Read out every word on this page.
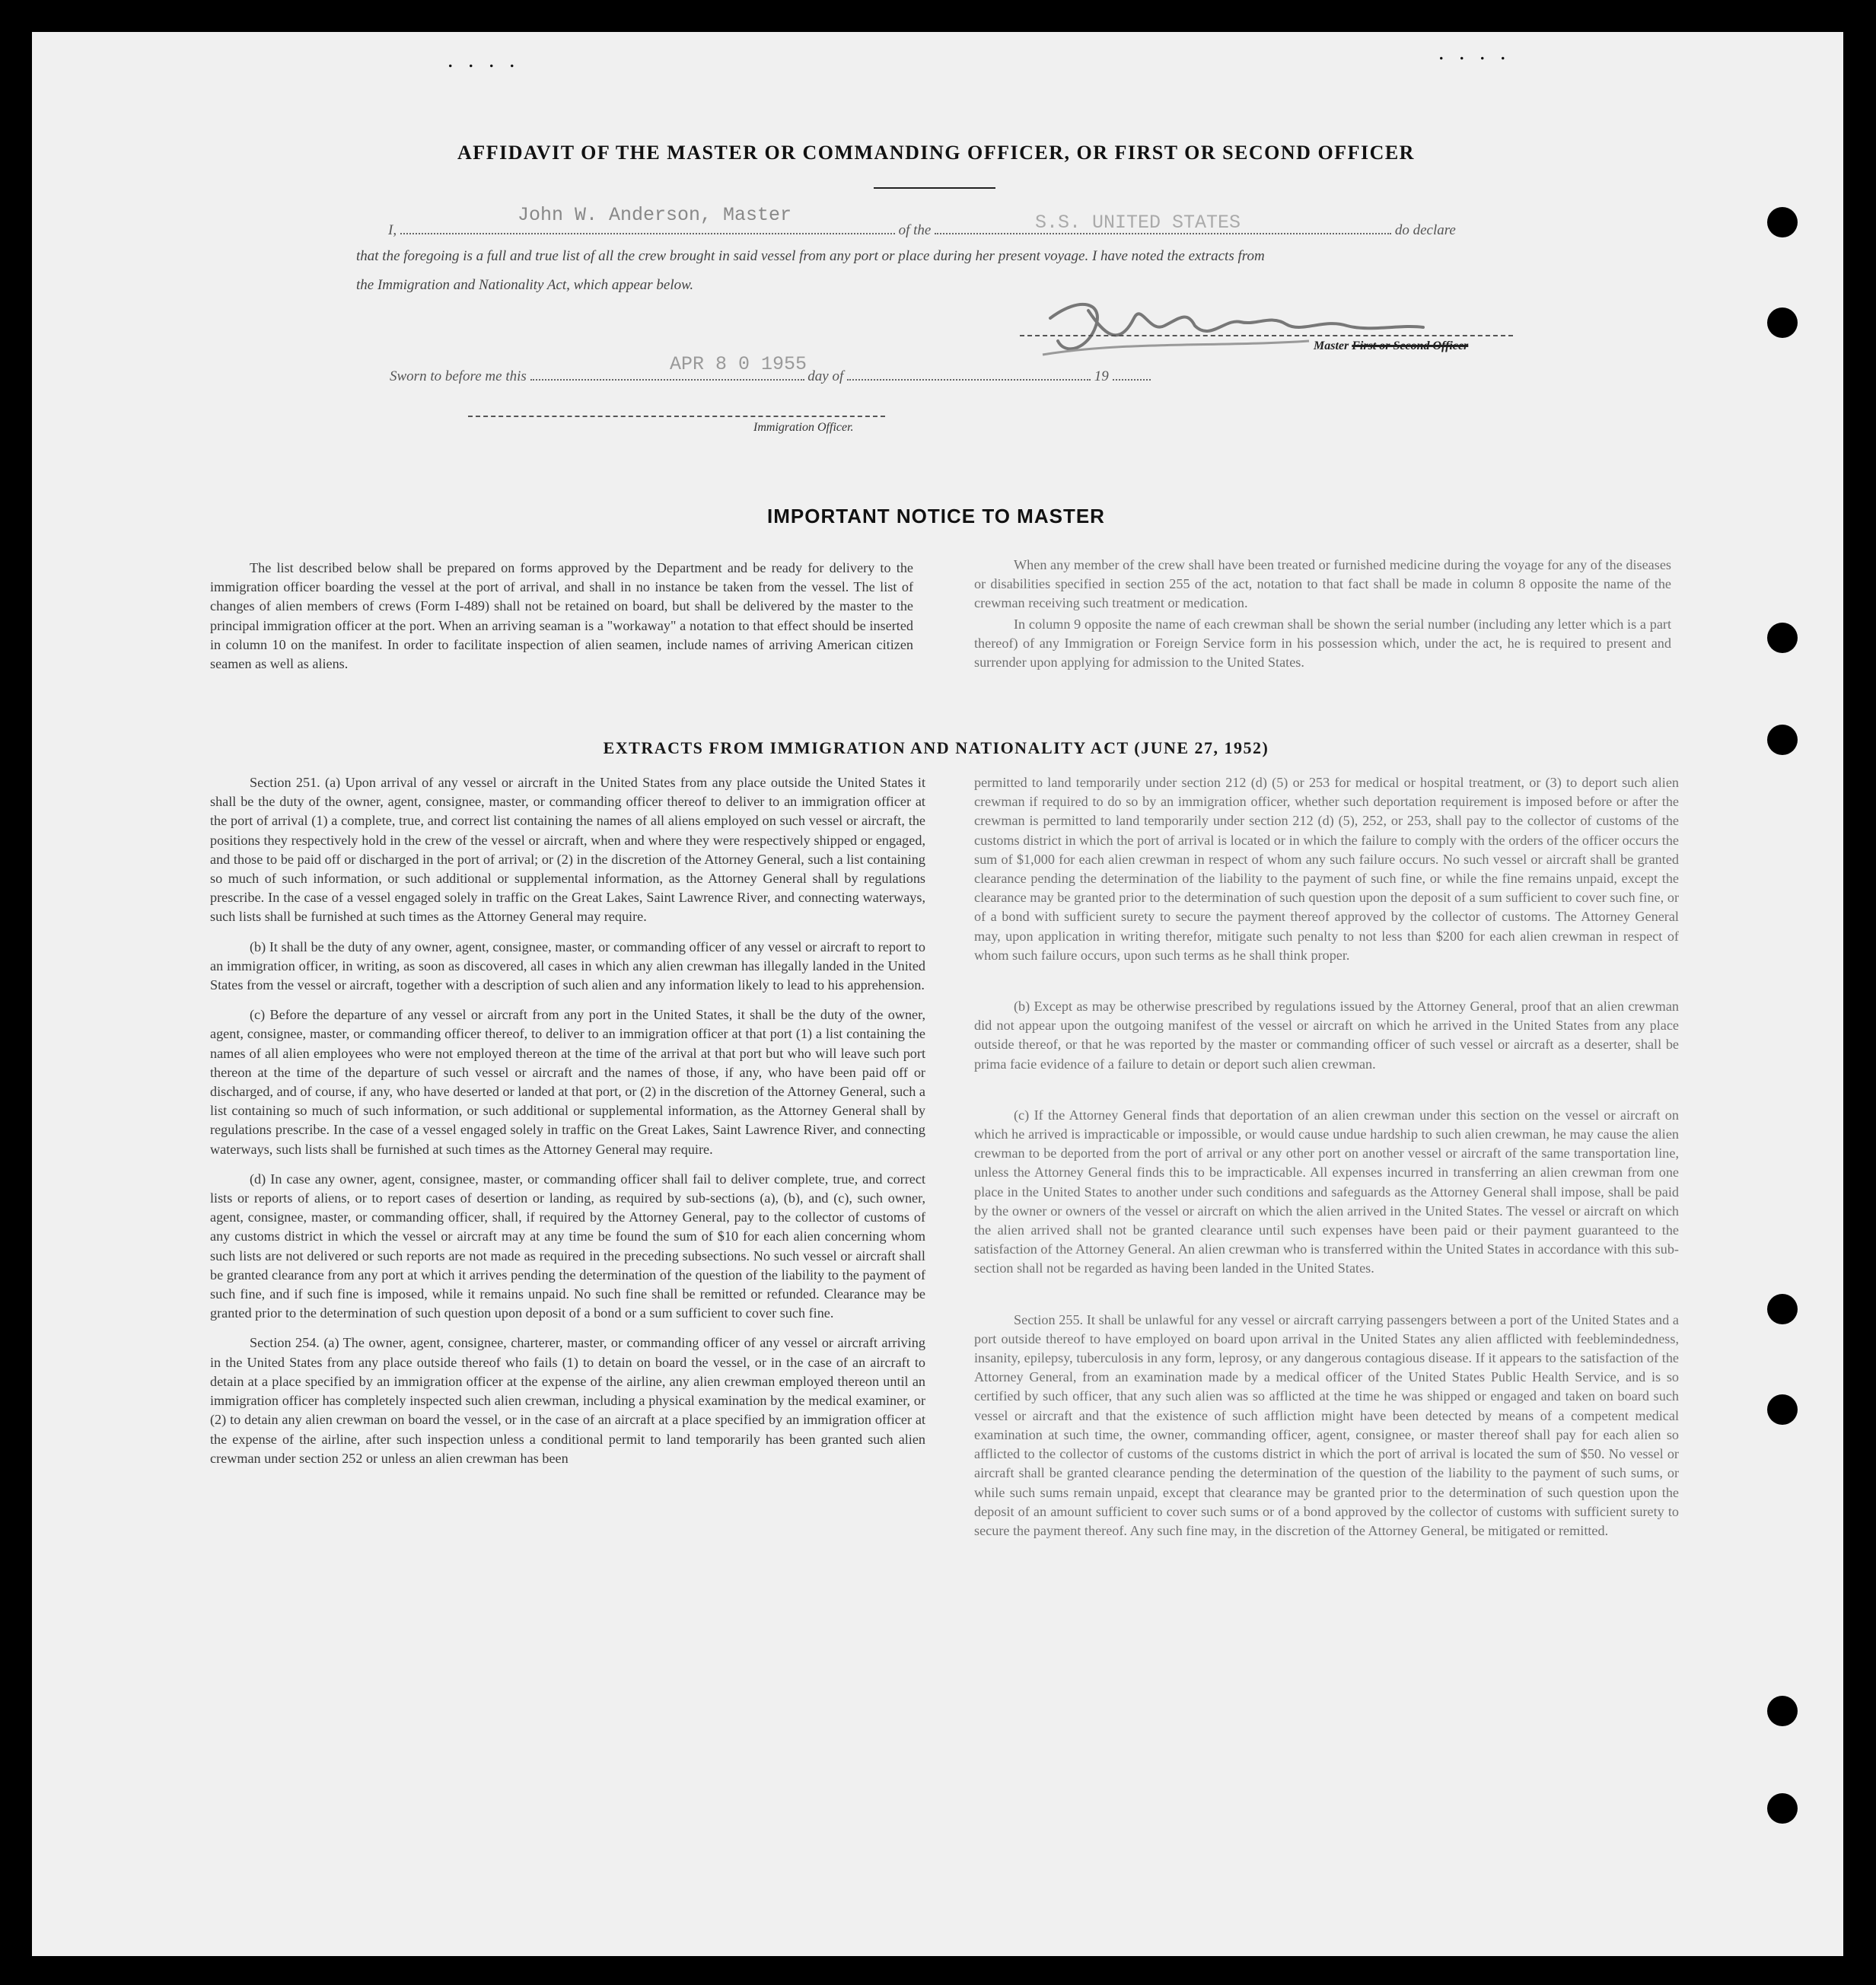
. . . .	. . . .
AFFIDAVIT OF THE MASTER OR COMMANDING OFFICER, OR FIRST OR SECOND OFFICER
I,	of the	do declare
John W. Anderson, Master	S.S. UNITED STATES
that the foregoing is a full and true list of all the crew brought in said vessel from any port or place during her present voyage. I have noted the extracts from
the Immigration and Nationality Act, which appear below.
Master First or Second Officer
Sworn to before me this	day of	19
APR 8 0 1955
Immigration Officer.
IMPORTANT NOTICE TO MASTER

The list described below shall be prepared on forms approved by the Department and be ready for delivery to the immigration officer boarding the vessel at the port of arrival, and shall in no instance be taken from the vessel. The list of changes of alien members of crews (Form I-489) shall not be retained on board, but shall be delivered by the master to the principal immigration officer at the port. When an arriving seaman is a "workaway" a notation to that effect should be inserted in column 10 on the manifest. In order to facilitate inspection of alien seamen, include names of arriving American citizen seamen as well as aliens.

When any member of the crew shall have been treated or furnished medicine during the voyage for any of the diseases or disabilities specified in section 255 of the act, notation to that fact shall be made in column 8 opposite the name of the crewman receiving such treatment or medication.

In column 9 opposite the name of each crewman shall be shown the serial number (including any letter which is a part thereof) of any Immigration or Foreign Service form in his possession which, under the act, he is required to present and surrender upon applying for admission to the United States.

EXTRACTS FROM IMMIGRATION AND NATIONALITY ACT (JUNE 27, 1952)

Section 251. (a) Upon arrival of any vessel or aircraft in the United States from any place outside the United States it shall be the duty of the owner, agent, consignee, master, or commanding officer thereof to deliver to an immigration officer at the port of arrival (1) a complete, true, and correct list containing the names of all aliens employed on such vessel or aircraft, the positions they respectively hold in the crew of the vessel or aircraft, when and where they were respectively shipped or engaged, and those to be paid off or discharged in the port of arrival; or (2) in the discretion of the Attorney General, such a list containing so much of such information, or such additional or supplemental information, as the Attorney General shall by regulations prescribe. In the case of a vessel engaged solely in traffic on the Great Lakes, Saint Lawrence River, and connecting waterways, such lists shall be furnished at such times as the Attorney General may require.

(b) It shall be the duty of any owner, agent, consignee, master, or commanding officer of any vessel or aircraft to report to an immigration officer, in writing, as soon as discovered, all cases in which any alien crewman has illegally landed in the United States from the vessel or aircraft, together with a description of such alien and any information likely to lead to his apprehension.

(c) Before the departure of any vessel or aircraft from any port in the United States, it shall be the duty of the owner, agent, consignee, master, or commanding officer thereof, to deliver to an immigration officer at that port (1) a list containing the names of all alien employees who were not employed thereon at the time of the arrival at that port but who will leave such port thereon at the time of the departure of such vessel or aircraft and the names of those, if any, who have been paid off or discharged, and of course, if any, who have deserted or landed at that port, or (2) in the discretion of the Attorney General, such a list containing so much of such information, or such additional or supplemental information, as the Attorney General shall by regulations prescribe. In the case of a vessel engaged solely in traffic on the Great Lakes, Saint Lawrence River, and connecting waterways, such lists shall be furnished at such times as the Attorney General may require.

(d) In case any owner, agent, consignee, master, or commanding officer shall fail to deliver complete, true, and correct lists or reports of aliens, or to report cases of desertion or landing, as required by sub-sections (a), (b), and (c), such owner, agent, consignee, master, or commanding officer, shall, if required by the Attorney General, pay to the collector of customs of any customs district in which the vessel or aircraft may at any time be found the sum of $10 for each alien concerning whom such lists are not delivered or such reports are not made as required in the preceding subsections. No such vessel or aircraft shall be granted clearance from any port at which it arrives pending the determination of the question of the liability to the payment of such fine, and if such fine is imposed, while it remains unpaid. No such fine shall be remitted or refunded. Clearance may be granted prior to the determination of such question upon deposit of a bond or a sum sufficient to cover such fine.

Section 254. (a) The owner, agent, consignee, charterer, master, or commanding officer of any vessel or aircraft arriving in the United States from any place outside thereof who fails (1) to detain on board the vessel, or in the case of an aircraft to detain at a place specified by an immigration officer at the expense of the airline, any alien crewman employed thereon until an immigration officer has completely inspected such alien crewman, including a physical examination by the medical examiner, or (2) to detain any alien crewman on board the vessel, or in the case of an aircraft at a place specified by an immigration officer at the expense of the airline, after such inspection unless a conditional permit to land temporarily has been granted such alien crewman under section 252 or unless an alien crewman has been

permitted to land temporarily under section 212 (d) (5) or 253 for medical or hospital treatment, or (3) to deport such alien crewman if required to do so by an immigration officer, whether such deportation requirement is imposed before or after the crewman is permitted to land temporarily under section 212 (d) (5), 252, or 253, shall pay to the collector of customs of the customs district in which the port of arrival is located or in which the failure to comply with the orders of the officer occurs the sum of $1,000 for each alien crewman in respect of whom any such failure occurs. No such vessel or aircraft shall be granted clearance pending the determination of the liability to the payment of such fine, or while the fine remains unpaid, except the clearance may be granted prior to the determination of such question upon the deposit of a sum sufficient to cover such fine, or of a bond with sufficient surety to secure the payment thereof approved by the collector of customs. The Attorney General may, upon application in writing therefor, mitigate such penalty to not less than $200 for each alien crewman in respect of whom such failure occurs, upon such terms as he shall think proper.

(b) Except as may be otherwise prescribed by regulations issued by the Attorney General, proof that an alien crewman did not appear upon the outgoing manifest of the vessel or aircraft on which he arrived in the United States from any place outside thereof, or that he was reported by the master or commanding officer of such vessel or aircraft as a deserter, shall be prima facie evidence of a failure to detain or deport such alien crewman.

(c) If the Attorney General finds that deportation of an alien crewman under this section on the vessel or aircraft on which he arrived is impracticable or impossible, or would cause undue hardship to such alien crewman, he may cause the alien crewman to be deported from the port of arrival or any other port on another vessel or aircraft of the same transportation line, unless the Attorney General finds this to be impracticable. All expenses incurred in transferring an alien crewman from one place in the United States to another under such conditions and safeguards as the Attorney General shall impose, shall be paid by the owner or owners of the vessel or aircraft on which the alien arrived in the United States. The vessel or aircraft on which the alien arrived shall not be granted clearance until such expenses have been paid or their payment guaranteed to the satisfaction of the Attorney General. An alien crewman who is transferred within the United States in accordance with this sub-section shall not be regarded as having been landed in the United States.

Section 255. It shall be unlawful for any vessel or aircraft carrying passengers between a port of the United States and a port outside thereof to have employed on board upon arrival in the United States any alien afflicted with feeblemindedness, insanity, epilepsy, tuberculosis in any form, leprosy, or any dangerous contagious disease. If it appears to the satisfaction of the Attorney General, from an examination made by a medical officer of the United States Public Health Service, and is so certified by such officer, that any such alien was so afflicted at the time he was shipped or engaged and taken on board such vessel or aircraft and that the existence of such affliction might have been detected by means of a competent medical examination at such time, the owner, commanding officer, agent, consignee, or master thereof shall pay for each alien so afflicted to the collector of customs of the customs district in which the port of arrival is located the sum of $50. No vessel or aircraft shall be granted clearance pending the determination of the question of the liability to the payment of such sums, or while such sums remain unpaid, except that clearance may be granted prior to the determination of such question upon the deposit of an amount sufficient to cover such sums or of a bond approved by the collector of customs with sufficient surety to secure the payment thereof. Any such fine may, in the discretion of the Attorney General, be mitigated or remitted.
